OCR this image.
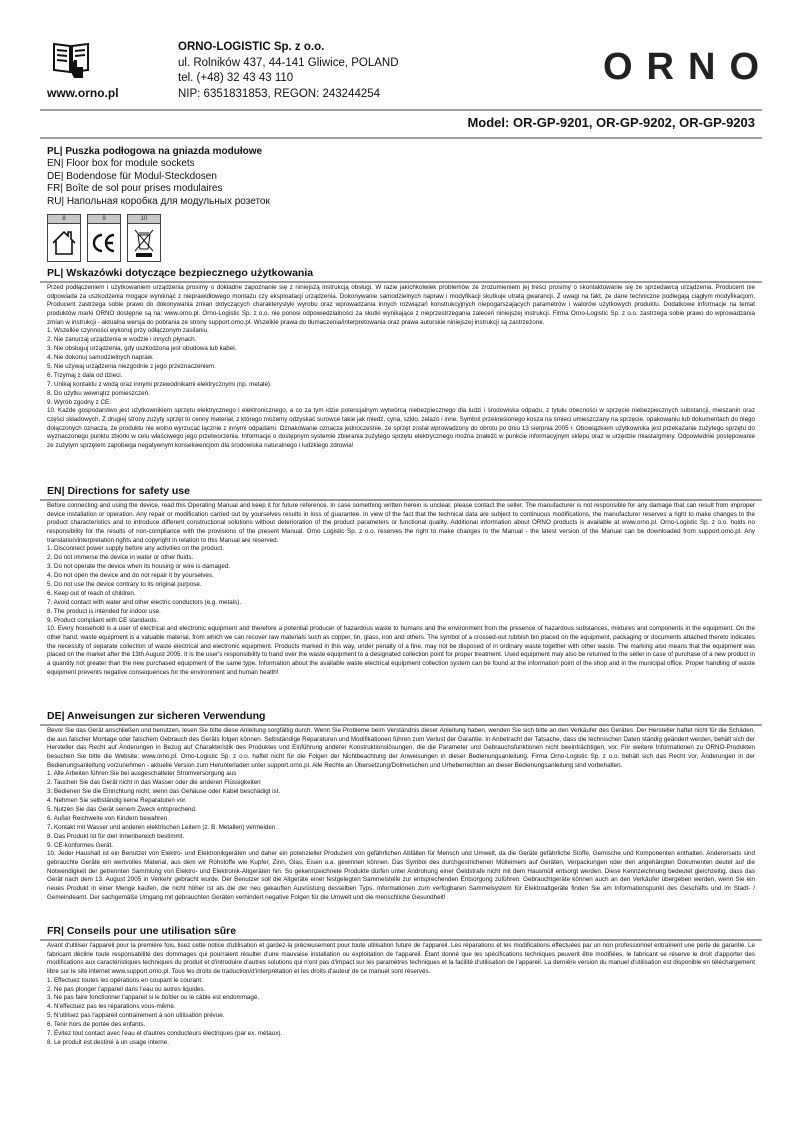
www.orno.pl
ORNO-LOGISTIC Sp. z o.o.
ul. Rolników 437, 44-141 Gliwice, POLAND
tel. (+48) 32 43 43 110
NIP: 6351831853, REGON: 243244254
ORNO
Model: OR-GP-9201, OR-GP-9202, OR-GP-9203
PL| Puszka podłogowa na gniazda modułowe
EN| Floor box for module sockets
DE| Bodendose für Modul-Steckdosen
FR| Boîte de sol pour prises modulaires
RU| Напольная коробка для модульных розеток
8	9	10
PL| Wskazówki dotyczące bezpiecznego użytkowania

Przed podłączeniem i użytkowaniem urządzenia prosimy o dokładne zapoznanie się z niniejszą instrukcją obsługi. W razie jakichkolwiek problemów ze zrozumieniem jej treści prosimy o skontaktowanie się ze sprzedawcą urządzenia. Producent nie odpowiada za uszkodzenia mogące wyniknąć z nieprawidłowego montażu czy eksploatacji urządzenia. Dokonywanie samodzielnych napraw i modyfikacji skutkuje utratą gwarancji. Z uwagi na fakt, że dane techniczne podlegają ciągłym modyfikacjom, Producent zastrzega sobie prawo do dokonywania zmian dotyczących charakterystyki wyrobu oraz wprowadzania innych rozwiązań konstrukcyjnych niepogarszających parametrów i walorów użytkowych produktu. Dodatkowe informacje na temat produktów marki ORNO dostępne są na: www.orno.pl. Orno-Logistic Sp. z o.o. nie ponosi odpowiedzialności za skutki wynikające z nieprzestrzegania zaleceń niniejszej instrukcji. Firma Orno-Logistic Sp. z o.o. zastrzega sobie prawo do wprowadzania zmian w instrukcji - aktualna wersja do pobrania ze strony support.orno.pl. Wszelkie prawa do tłumaczenia/interpretowania oraz prawa autorskie niniejszej instrukcji są zastrzeżone.

1. Wszelkie czynności wykonuj przy odłączonym zasilaniu.

2. Nie zanurzaj urządzenia w wodzie i innych płynach.

3. Nie obsługuj urządzenia, gdy uszkodzona jest obudowa lub kabel.

4. Nie dokonuj samodzielnych napraw.

5. Nie używaj urządzenia niezgodnie z jego przeznaczeniem.

6. Trzymaj z dala od dzieci.

7. Unikaj kontaktu z wodą oraz innymi przewodnikami elektrycznymi (np. metale).

8. Do użytku wewnątrz pomieszczeń.

9. Wyrób zgodny z CE.

10. Każde gospodarstwo jest użytkownikiem sprzętu elektrycznego i elektronicznego, a co za tym idzie potencjalnym wytwórcą niebezpiecznego dla ludzi i środowiska odpadu, z tytułu obecności w sprzęcie niebezpiecznych substancji, mieszanin oraz części składowych. Z drugiej strony zużyty sprzęt to cenny materiał, z którego możemy odzyskać surowce takie jak miedź, cyna, szkło, żelazo i inne. Symbol przekreślonego kosza na śmieci umieszczany na sprzęcie, opakowaniu lub dokumentach do niego dołączonych oznacza, że produktu nie wolno wyrzucać łącznie z innymi odpadami. Oznakowanie oznacza jednocześnie, że sprzęt został wprowadzony do obrotu po dniu 13 sierpnia 2005 r. Obowiązkiem użytkownika jest przekazanie zużytego sprzętu do wyznaczonego punktu zbiórki w celu właściwego jego przetworzenia. Informacje o dostępnym systemie zbierania zużytego sprzętu elektrycznego można znaleźć w punkcie informacyjnym sklepu oraz w urzędzie miasta/gminy. Odpowiednie postępowanie ze zużytym sprzętem zapobiega negatywnym konsekwencjom dla środowiska naturalnego i ludzkiego zdrowia!

EN| Directions for safety use

Before connecting and using the device, read this Operating Manual and keep it for future reference. In case something written herein is unclear, please contact the seller. The manufacturer is not responsible for any damage that can result from improper device installation or operation. Any repair or modification carried out by yourselves results in loss of guarantee. In view of the fact that the technical data are subject to continuous modifications, the manufacturer reserves a right to make changes to the product characteristics and to introduce different constructional solutions without deterioration of the product parameters or functional quality. Additional information about ORNO products is available at www.orno.pl. Orno-Logistic Sp. z o.o. holds no responsibility for the results of non-compliance with the provisions of the present Manual. Orno Logistic Sp. z o.o. reserves the right to make changes to the Manual - the latest version of the Manual can be downloaded from support.orno.pl. Any translation/interpretation rights and copyright in relation to this Manual are reserved.

1. Disconnect power supply before any activities on the product.

2. Do not immerse the device in water or other fluids.

3. Do not operate the device when its housing or wire is damaged.

4. Do not open the device and do not repair it by yourselves.

5. Do not use the device contrary to its original purpose.

6. Keep out of reach of children.

7. Avoid contact with water and other electric conductors (e.g. metals).

8. The product is intended for indoor use.

9. Product compliant with CE standards.

10. Every household is a user of electrical and electronic equipment and therefore a potential producer of hazardous waste to humans and the environment from the presence of hazardous substances, mixtures and components in the equipment. On the other hand, waste equipment is a valuable material, from which we can recover raw materials such as copper, tin, glass, iron and others. The symbol of a crossed-out rubbish bin placed on the equipment, packaging or documents attached thereto indicates the necessity of separate collection of waste electrical and electronic equipment. Products marked in this way, under penalty of a fine, may not be disposed of in ordinary waste together with other waste. The marking also means that the equipment was placed on the market after the 13th August 2005. It is the user's responsibility to hand over the waste equipment to a designated collection point for proper treatment. Used equipment may also be returned to the seller in case of purchase of a new product in a quantity not greater than the new purchased equipment of the same type. Information about the available waste electrical equipment collection system can be found at the information point of the shop and in the municipal office. Proper handling of waste equipment prevents negative consequences for the environment and human health!

DE| Anweisungen zur sicheren Verwendung

Bevor Sie das Gerät anschließen und benutzen, lesen Sie bitte diese Anleitung sorgfältig durch. Wenn Sie Probleme beim Verständnis dieser Anleitung haben, wenden Sie sich bitte an den Verkäufer des Gerätes. Der Hersteller haftet nicht für die Schäden, die aus falscher Montage oder falschem Gebrauch des Geräts folgen können. Selbständige Reparaturen und Modifikationen führen zum Verlust der Garantie. In Anbetracht der Tatsache, dass die technischen Daten ständig geändert werden, behält sich der Hersteller das Recht auf Änderungen in Bezug auf Charakteristik des Produktes und Einführung anderer Konstruktionslösungen, die die Parameter und Gebrauchsfunktionen nicht beeinträchtigen, vor. Für weitere Informationen zu ORNO-Produkten besuchen Sie bitte die Website: www.orno.pl. Orno-Logistic Sp. z o.o. haftet nicht für die Folgen der Nichtbeachtung der Anweisungen in dieser Bedienungsanleitung. Firma Orno-Logistic Sp. z o.o. behält sich das Recht vor, Änderungen in der Bedienungsanleitung vorzunehmen - aktuelle Version zum Herunterladen unter support.orno.pl. Alle Rechte an Übersetzung/Dolmetschen und Urheberrechten an dieser Bedienungsanleitung sind vorbehalten.

1. Alle Arbeiten führen Sie bei ausgeschalteter Stromversorgung aus

2. Tauchen Sie das Gerät nicht in das Wasser oder die anderen Flüssigkeiten

3. Bedienen Sie die Einrichtung nicht, wenn das Gehäuse oder Kabel beschädigt ist.

4. Nehmen Sie selbständig keine Reparaturen vor.

5. Nutzen Sie das Gerät seinem Zweck entsprechend.

6. Außer Reichweite von Kindern bewahren.

7. Kontakt mit Wasser und anderen elektrischen Leitern (z. B. Metallen) vermeiden.

8. Das Produkt ist für den Innenbereich bestimmt.

9. CE-konformes Gerät.

10. Jeder Haushalt ist ein Benutzer von Elektro- und Elektronikgeräten und daher ein potenzieller Produzent von gefährlichen Abfällen für Mensch und Umwelt, da die Geräte gefährliche Stoffe, Gemische und Komponenten enthalten. Andererseits sind gebrauchte Geräte ein wertvolles Material, aus dem wir Rohstoffe wie Kupfer, Zinn, Glas, Eisen u.a. gewinnen können. Das Symbol des durchgestrichenen Mülleimers auf Geräten, Verpackungen oder den angehängten Dokumenten deutet auf die Notwendigkeit der getrennten Sammlung von Elektro- und Elektronik-Altgeräten hin. So gekennzeichnete Produkte dürfen unter Androhung einer Geldstrafe nicht mit dem Hausmüll entsorgt werden. Diese Kennzeichnung bedeutet gleichzeitig, dass das Gerät nach dem 13. August 2005 in Verkehr gebracht wurde. Der Benutzer soll die Altgeräte einer festgelegten Sammelstelle zur entsprechenden Entsorgung zuführen. Gebrauchtgeräte können auch an den Verkäufer übergeben werden, wenn Sie ein neues Produkt in einer Menge kaufen, die nicht höher ist als die der neu gekauften Ausrüstung desselben Typs. Informationen zum verfügbaren Sammelsystem für Elektroaltgeräte finden Sie am Informationspunkt des Geschäfts und im Stadt- / Gemeindeamt. Der sachgemäße Umgang mit gebrauchten Geräten verhindert negative Folgen für die Umwelt und die menschliche Gesundheit!

FR| Conseils pour une utilisation sûre

Avant d'utiliser l'appareil pour la première fois, lisez cette notice d'utilisation et gardez-la précieusement pour toute utilisation future de l'appareil. Les réparations et les modifications effectuées par un non professionnel entraînent une perte de garantie. Le fabricant décline toute responsabilité des dommages qui pourraient résulter d'une mauvaise installation ou exploitation de l'appareil. Étant donné que les spécifications techniques peuvent être modifiées, le fabricant se réserve le droit d'apporter des modifications aux caractéristiques techniques du produit et d'introduire d'autres solutions qui n'ont pas d'impact sur les paramètres techniques et la facilité d'utilisation de l'appareil. La dernière version du manuel d'utilisation est disponible en téléchargement libre sur le site internet www.support.orno.pl. Tous les droits de traduction/d'interprétation et les droits d'auteur de ce manuel sont réservés.

1. Effectuez toutes les opérations en coupant le courant.

2. Ne pas plonger l'appareil dans l'eau ou autres liquides.

3. Ne pas faire fonctionner l'appareil si le boîtier ou le câble est endommagé.

4. N'effectuez pas les réparations vous-même.

5. N'utilisez pas l'appareil contrairement à son utilisation prévue.

6. Tenir hors de portée des enfants.

7. Évitez tout contact avec l'eau et d'autres conducteurs électriques (par ex. métaux).

8. Le produit est destiné à un usage interne.
